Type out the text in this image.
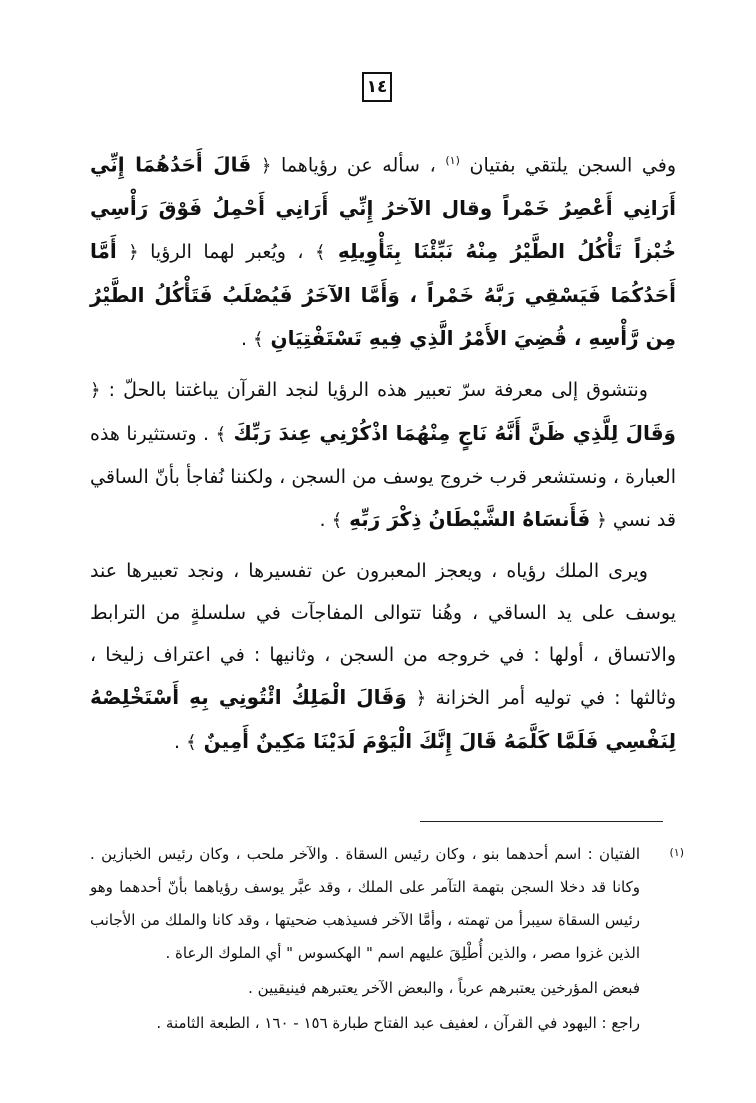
١٤

وفي السجن يلتقي بفتيان $^{(١)}$ ، سأله عن رؤياهما ﴿ قَالَ أَحَدُهُمَا إِنِّي أَرَانِي أَعْصِرُ خَمْراً وقال الآخرُ إِنِّي أَرَانِي أَحْمِلُ فَوْقَ رَأْسِي خُبْزاً تَأْكُلُ الطَّيْرُ مِنْهُ نَبِّئْنَا بِتَأْوِيلِهِ ﴾ ، ويُعبر لهما الرؤيا ﴿ أَمَّا أَحَدُكُمَا فَيَسْقِي رَبَّهُ خَمْراً ، وَأَمَّا الآخَرُ فَيُصْلَبُ فَتَأْكُلُ الطَّيْرُ مِن رَّأْسِهِ ، قُضِيَ الأَمْرُ الَّذِي فِيهِ تَسْتَفْتِيَانِ ﴾ .

ونتشوق إلى معرفة سرّ تعبير هذه الرؤيا لنجد القرآن يباغتنا بالحلّ : ﴿ وَقَالَ لِلَّذِي ظَنَّ أَنَّهُ نَاجٍ مِنْهُمَا اذْكُرْنِي عِندَ رَبِّكَ ﴾ . وتستثيرنا هذه العبارة ، ونستشعر قرب خروج يوسف من السجن ، ولكننا نُفاجأ بأنّ الساقي قد نسي ﴿ فَأَنسَاهُ الشَّيْطَانُ ذِكْرَ رَبِّهِ ﴾ .

ويرى الملك رؤياه ، ويعجز المعبرون عن تفسيرها ، ونجد تعبيرها عند يوسف على يد الساقي ، وهُنا تتوالى المفاجآت في سلسلةٍ من الترابط والاتساق ، أولها : في خروجه من السجن ، وثانيها : في اعتراف زليخا ، وثالثها : في توليه أمر الخزانة ﴿ وَقَالَ الْمَلِكُ ائْتُونِي بِهِ أَسْتَخْلِصْهُ لِنَفْسِي فَلَمَّا كَلَّمَهُ قَالَ إِنَّكَ الْيَوْمَ لَدَيْنَا مَكِينٌ أَمِينٌ ﴾ .

(١)

الفتيان : اسم أحدهما بنو ، وكان رئيس السقاة . والآخر ملحب ، وكان رئيس الخبازين . وكانا قد دخلا السجن بتهمة التآمر على الملك ، وقد عبَّر يوسف رؤياهما بأنّ أحدهما وهو رئيس السقاة سيبرأ من تهمته ، وأمَّا الآخر فسيذهب ضحيتها ، وقد كانا والملك من الأجانب الذين غزوا مصر ، والذين أُطْلِقَ عليهم اسم " الهكسوس " أي الملوك الرعاة .

فبعض المؤرخين يعتبرهم عرباً ، والبعض الآخر يعتبرهم فينيقيين .

راجع : اليهود في القرآن ، لعفيف عبد الفتاح طبارة ١٥٦ - ١٦٠ ، الطبعة الثامنة .
